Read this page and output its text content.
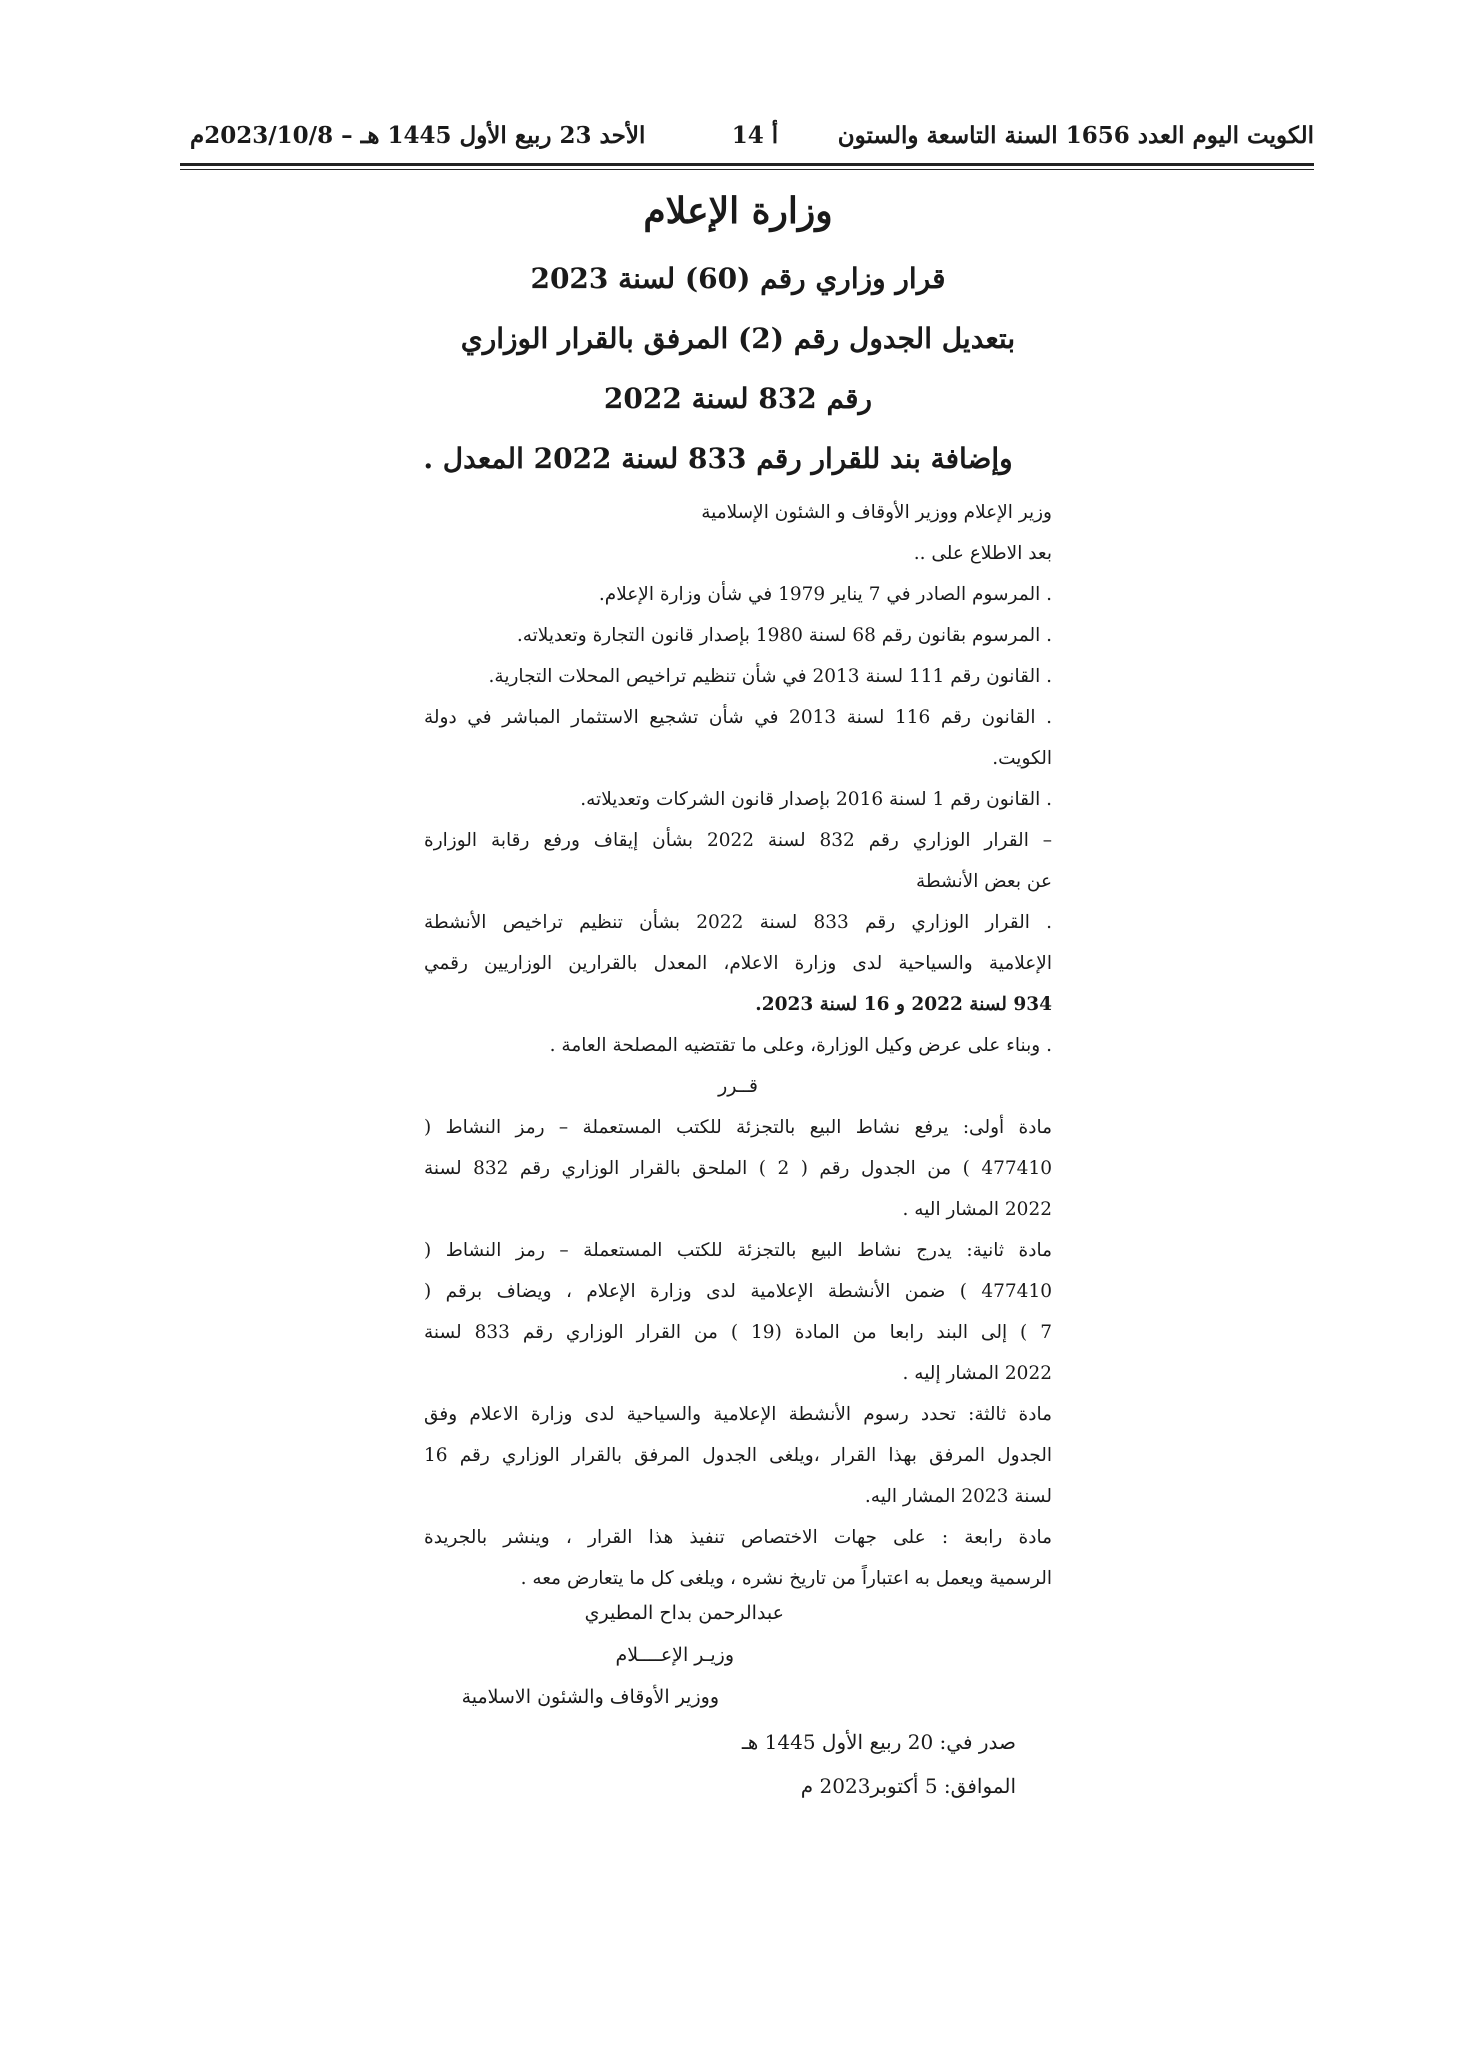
الكويت اليوم العدد 1656 السنة التاسعة والستون
أ 14
الأحد 23 ربيع الأول 1445 هـ – 2023/10/8م
وزارة الإعلام
قرار وزاري رقم (60) لسنة 2023
بتعديل الجدول رقم (2) المرفق بالقرار الوزاري
رقم 832 لسنة 2022
وإضافة بند للقرار رقم 833 لسنة 2022 المعدل .
وزير الإعلام ووزير الأوقاف و الشئون الإسلامية
بعد الاطلاع على ..
. المرسوم الصادر في 7 يناير 1979 في شأن وزارة الإعلام.
. المرسوم بقانون رقم 68 لسنة 1980 بإصدار قانون التجارة وتعديلاته.
. القانون رقم 111 لسنة 2013 في شأن تنظيم تراخيص المحلات التجارية.
. القانون رقم 116 لسنة 2013 في شأن تشجيع الاستثمار المباشر في دولة
الكويت.
. القانون رقم 1 لسنة 2016 بإصدار قانون الشركات وتعديلاته.
– القرار الوزاري رقم 832 لسنة 2022 بشأن إيقاف ورفع رقابة الوزارة
عن بعض الأنشطة
. القرار الوزاري رقم 833 لسنة 2022 بشأن تنظيم تراخيص الأنشطة
الإعلامية والسياحية لدى وزارة الاعلام، المعدل بالقرارين الوزاريين رقمي
934 لسنة 2022 و 16 لسنة 2023.
. وبناء على عرض وكيل الوزارة، وعلى ما تقتضيه المصلحة العامة .
قــرر
مادة أولى: يرفع نشاط البيع بالتجزئة للكتب المستعملة – رمز النشاط (
477410 ) من الجدول رقم ( 2 ) الملحق بالقرار الوزاري رقم 832 لسنة
2022 المشار اليه .
مادة ثانية: يدرج نشاط البيع بالتجزئة للكتب المستعملة – رمز النشاط (
477410 ) ضمن الأنشطة الإعلامية لدى وزارة الإعلام ، ويضاف برقم (
7 ) إلى البند رابعا من المادة (19 ) من القرار الوزاري رقم 833 لسنة
2022 المشار إليه .
مادة ثالثة: تحدد رسوم الأنشطة الإعلامية والسياحية لدى وزارة الاعلام وفق
الجدول المرفق بهذا القرار ،ويلغى الجدول المرفق بالقرار الوزاري رقم 16
لسنة 2023 المشار اليه.
مادة رابعة : على جهات الاختصاص تنفيذ هذا القرار ، وينشر بالجريدة
الرسمية ويعمل به اعتباراً من تاريخ نشره ، ويلغى كل ما يتعارض معه .
عبدالرحمن بداح المطيري
وزيـر الإعــــلام
ووزير الأوقاف والشئون الاسلامية
صدر في: 20 ربيع الأول 1445 هـ
الموافق: 5 أكتوبر2023 م
